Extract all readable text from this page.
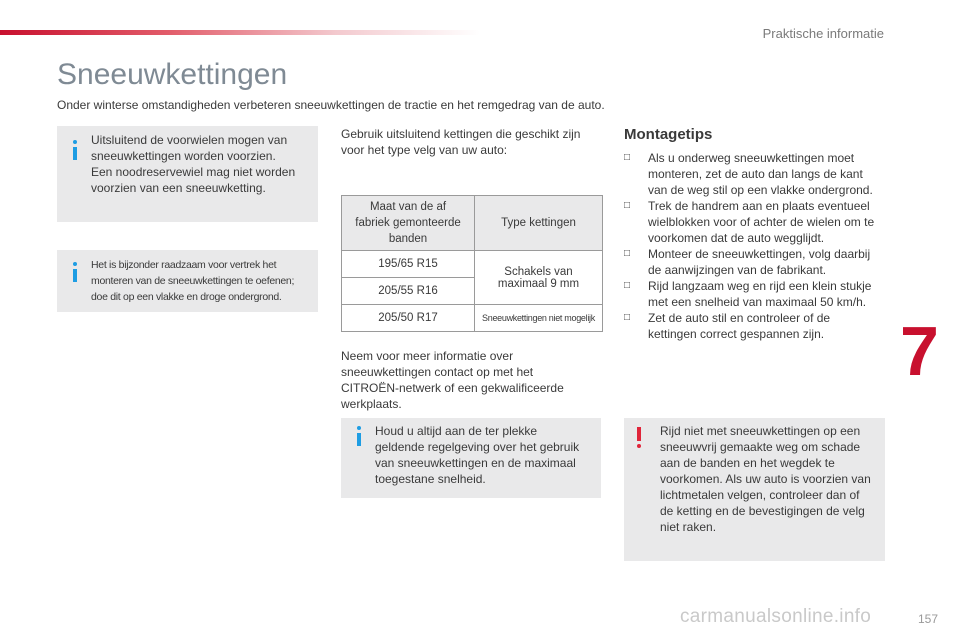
Praktische informatie
Sneeuwkettingen
Onder winterse omstandigheden verbeteren sneeuwkettingen de tractie en het remgedrag van de auto.
Uitsluitend de voorwielen mogen van
sneeuwkettingen worden voorzien.
Een noodreservewiel mag niet worden
voorzien van een sneeuwketting.
Het is bijzonder raadzaam voor vertrek het
monteren van de sneeuwkettingen te oefenen;
doe dit op een vlakke en droge ondergrond.
Gebruik uitsluitend kettingen die geschikt zijn
voor het type velg van uw auto:
Maat van de af
fabriek gemonteerde
banden	Type kettingen
195/65 R15	Schakels van
maximaal 9 mm

205/55 R16	
205/50 R17	Sneeuwkettingen niet mogelijk
Neem voor meer informatie over
sneeuwkettingen contact op met het
CITROËN-netwerk of een gekwalificeerde
werkplaats.
Houd u altijd aan de ter plekke
geldende regelgeving over het gebruik
van sneeuwkettingen en de maximaal
toegestane snelheid.
Montagetips
□ Als u onderweg sneeuwkettingen moet
monteren, zet de auto dan langs de kant
van de weg stil op een vlakke ondergrond.
□ Trek de handrem aan en plaats eventueel
wielblokken voor of achter de wielen om te
voorkomen dat de auto wegglijdt.
□ Monteer de sneeuwkettingen, volg daarbij
de aanwijzingen van de fabrikant.
□ Rijd langzaam weg en rijd een klein stukje
met een snelheid van maximaal 50 km/h.
□ Zet de auto stil en controleer of de
kettingen correct gespannen zijn.
Rijd niet met sneeuwkettingen op een
sneeuwvrij gemaakte weg om schade
aan de banden en het wegdek te
voorkomen. Als uw auto is voorzien van
lichtmetalen velgen, controleer dan of
de ketting en de bevestigingen de velg
niet raken.
7
carmanualsonline.info	157
